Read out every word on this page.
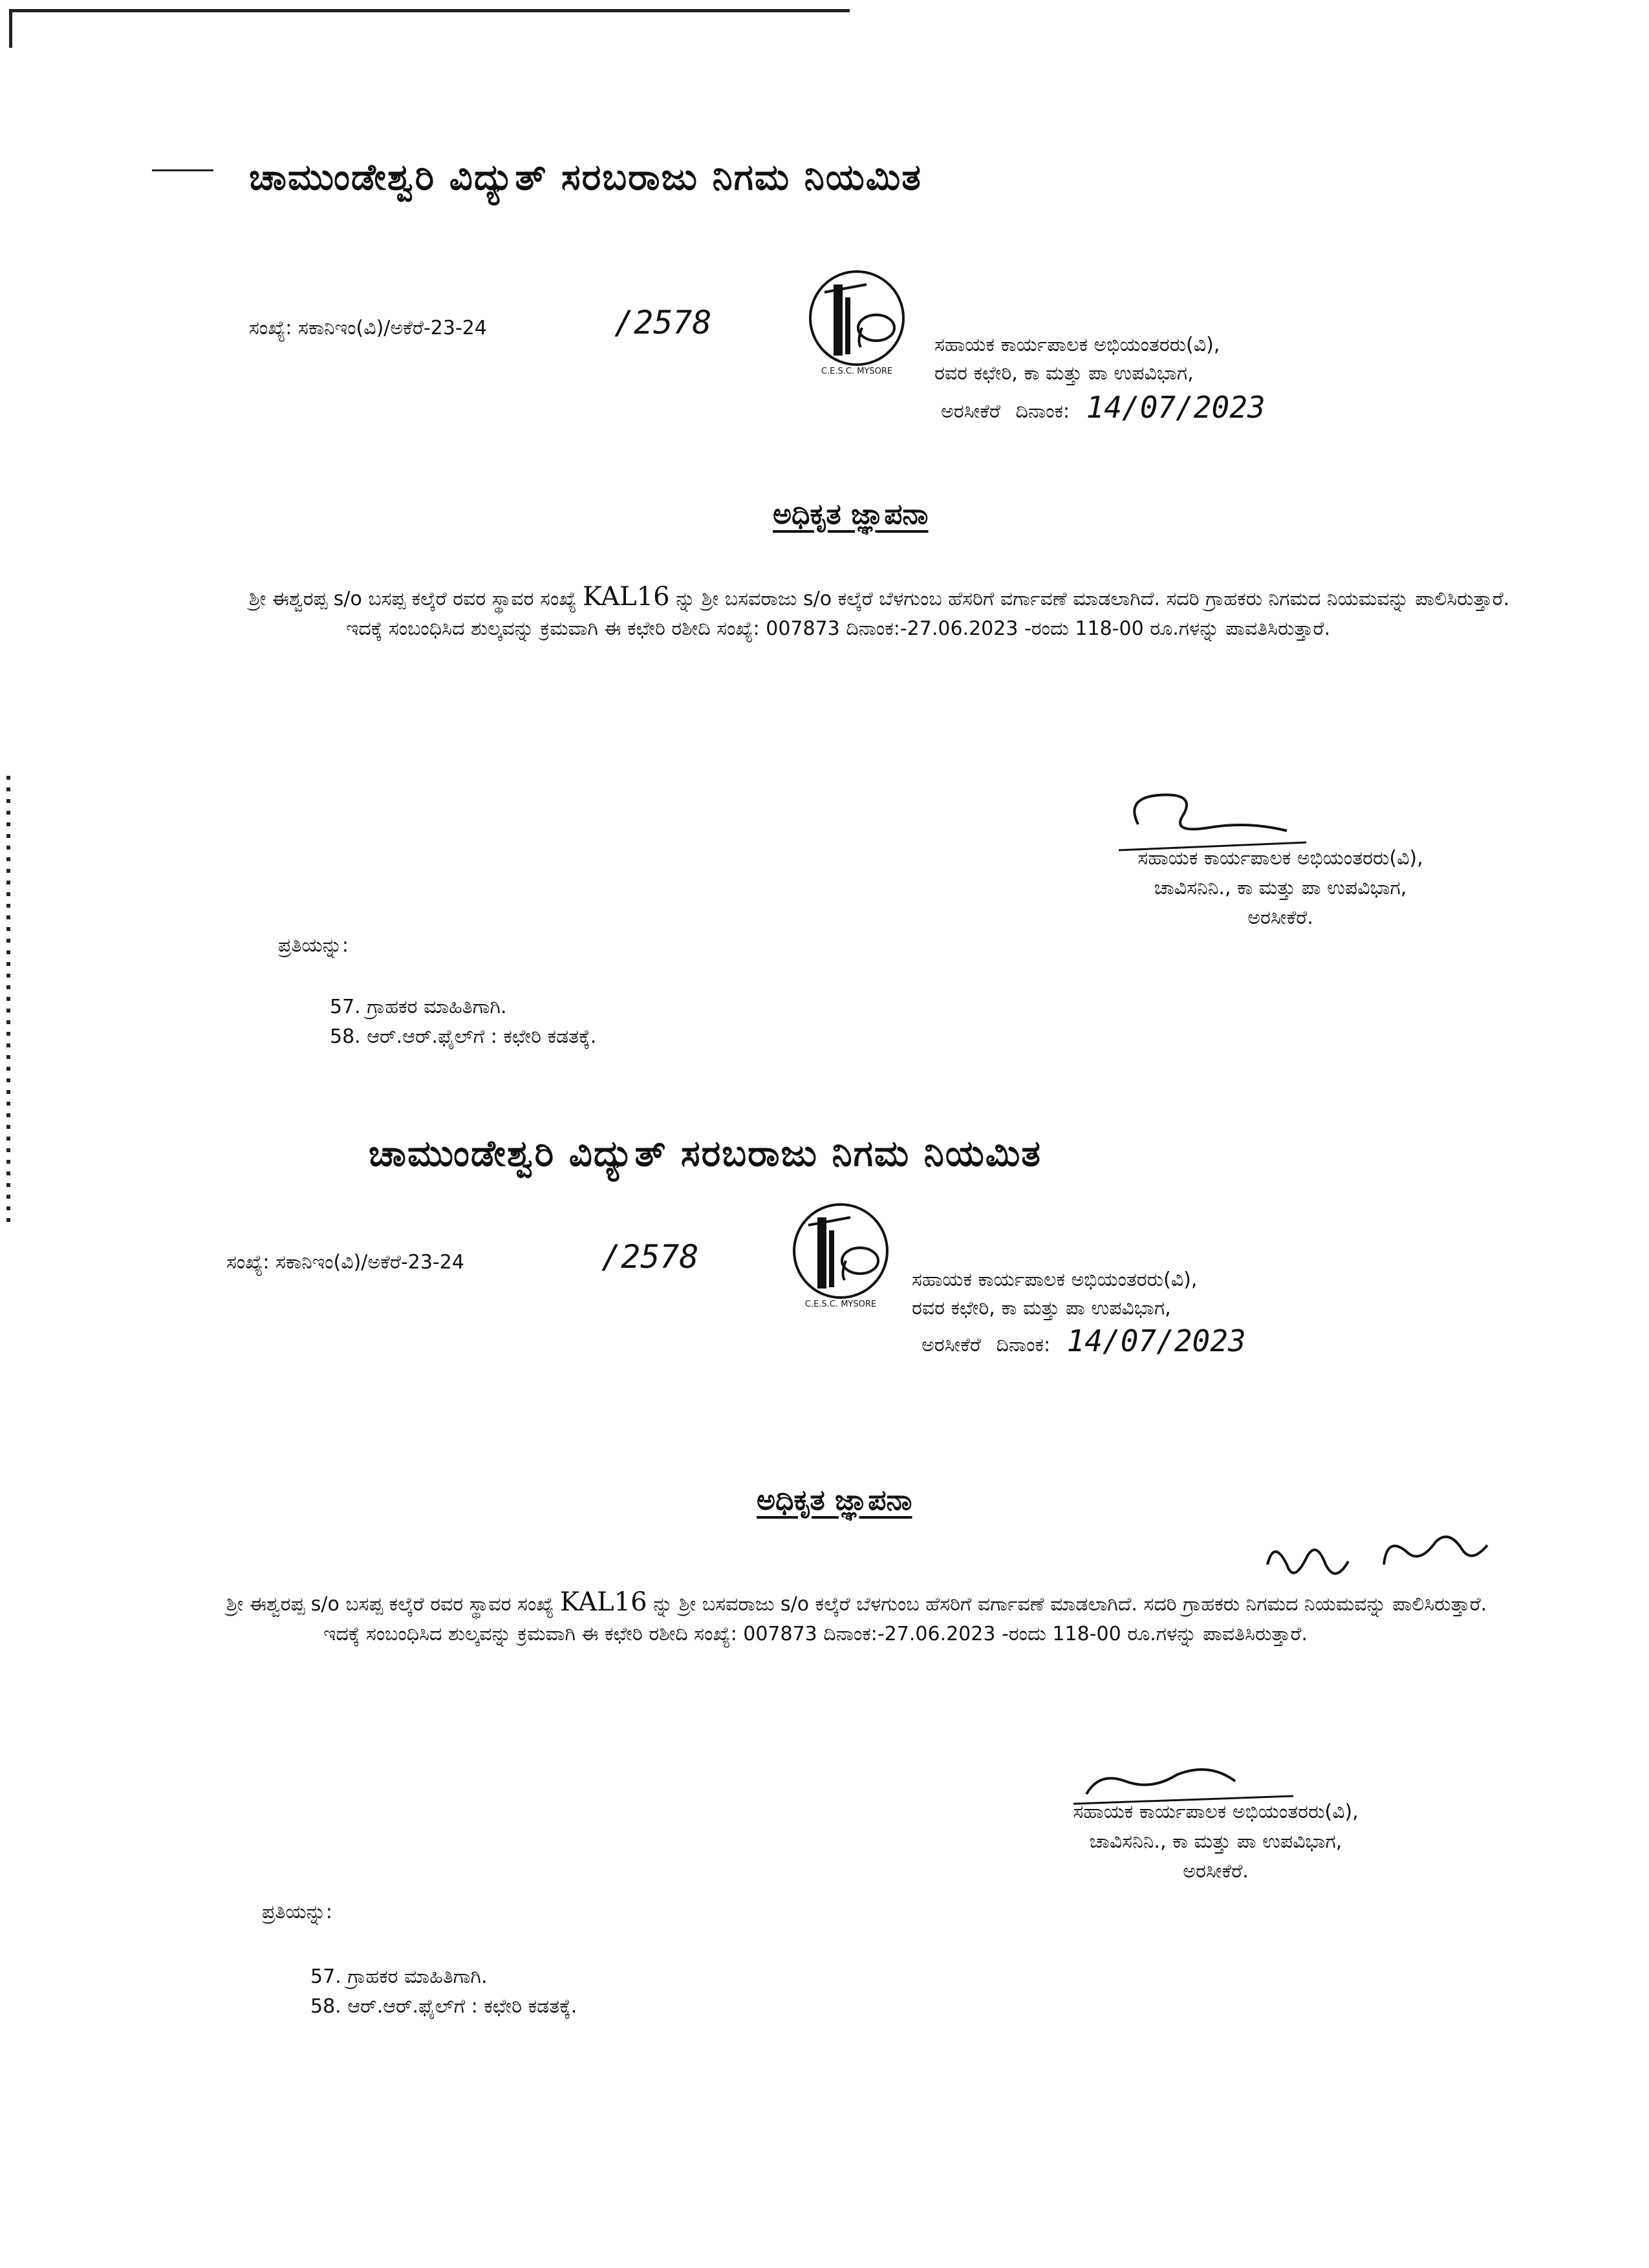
ಚಾಮುಂಡೇಶ್ವರಿ ವಿದ್ಯುತ್ ಸರಬರಾಜು ನಿಗಮ ನಿಯಮಿತ
ಸಂಖ್ಯೆ: ಸಕಾನಿಇಂ(ವಿ)/ಅಕೆರೆ-23-24	/2578
C.E.S.C. MYSORE
ಸಹಾಯಕ ಕಾರ್ಯಪಾಲಕ ಅಭಿಯಂತರರು(ವಿ),
ರವರ ಕಛೇರಿ, ಕಾ ಮತ್ತು ಪಾ ಉಪವಿಭಾಗ,
ಅರಸೀಕೆರೆ ದಿನಾಂಕ: 14/07/2023
ಅಧಿಕೃತ ಜ್ಞಾಪನಾ

ಶ್ರೀ ಈಶ್ವರಪ್ಪ s/o ಬಸಪ್ಪ ಕಲ್ಕೆರೆ ರವರ ಸ್ಥಾವರ ಸಂಖ್ಯೆ KAL16 ನ್ನು ಶ್ರೀ ಬಸವರಾಜು s/o ಕಲ್ಕೆರೆ ಬೆಳಗುಂಬ ಹೆಸರಿಗೆ ವರ್ಗಾವಣೆ ಮಾಡಲಾಗಿದೆ. ಸದರಿ ಗ್ರಾಹಕರು ನಿಗಮದ ನಿಯಮವನ್ನು ಪಾಲಿಸಿರುತ್ತಾರೆ.

ಇದಕ್ಕೆ ಸಂಬಂಧಿಸಿದ ಶುಲ್ಕವನ್ನು ಕ್ರಮವಾಗಿ ಈ ಕಛೇರಿ ರಶೀದಿ ಸಂಖ್ಯೆ: 007873 ದಿನಾಂಕ:-27.06.2023 -ರಂದು 118-00 ರೂ.ಗಳನ್ನು ಪಾವತಿಸಿರುತ್ತಾರೆ.

ಸಹಾಯಕ ಕಾರ್ಯಪಾಲಕ ಅಭಿಯಂತರರು(ವಿ),
ಚಾವಿಸನಿನಿ., ಕಾ ಮತ್ತು ಪಾ ಉಪವಿಭಾಗ,
ಅರಸೀಕೆರೆ.
ಪ್ರತಿಯನ್ನು:
57. ಗ್ರಾಹಕರ ಮಾಹಿತಿಗಾಗಿ.
58. ಆರ್.ಆರ್.ಫೈಲ್‌ಗೆ : ಕಛೇರಿ ಕಡತಕ್ಕೆ.
ಚಾಮುಂಡೇಶ್ವರಿ ವಿದ್ಯುತ್ ಸರಬರಾಜು ನಿಗಮ ನಿಯಮಿತ
ಸಂಖ್ಯೆ: ಸಕಾನಿಇಂ(ವಿ)/ಅಕೆರೆ-23-24	/2578
C.E.S.C. MYSORE
ಸಹಾಯಕ ಕಾರ್ಯಪಾಲಕ ಅಭಿಯಂತರರು(ವಿ),
ರವರ ಕಛೇರಿ, ಕಾ ಮತ್ತು ಪಾ ಉಪವಿಭಾಗ,
ಅರಸೀಕೆರೆ ದಿನಾಂಕ: 14/07/2023
ಅಧಿಕೃತ ಜ್ಞಾಪನಾ

ಶ್ರೀ ಈಶ್ವರಪ್ಪ s/o ಬಸಪ್ಪ ಕಲ್ಕೆರೆ ರವರ ಸ್ಥಾವರ ಸಂಖ್ಯೆ KAL16 ನ್ನು ಶ್ರೀ ಬಸವರಾಜು s/o ಕಲ್ಕೆರೆ ಬೆಳಗುಂಬ ಹೆಸರಿಗೆ ವರ್ಗಾವಣೆ ಮಾಡಲಾಗಿದೆ. ಸದರಿ ಗ್ರಾಹಕರು ನಿಗಮದ ನಿಯಮವನ್ನು ಪಾಲಿಸಿರುತ್ತಾರೆ.

ಇದಕ್ಕೆ ಸಂಬಂಧಿಸಿದ ಶುಲ್ಕವನ್ನು ಕ್ರಮವಾಗಿ ಈ ಕಛೇರಿ ರಶೀದಿ ಸಂಖ್ಯೆ: 007873 ದಿನಾಂಕ:-27.06.2023 -ರಂದು 118-00 ರೂ.ಗಳನ್ನು ಪಾವತಿಸಿರುತ್ತಾರೆ.

ಸಹಾಯಕ ಕಾರ್ಯಪಾಲಕ ಅಭಿಯಂತರರು(ವಿ),
ಚಾವಿಸನಿನಿ., ಕಾ ಮತ್ತು ಪಾ ಉಪವಿಭಾಗ,
ಅರಸೀಕೆರೆ.
ಪ್ರತಿಯನ್ನು:
57. ಗ್ರಾಹಕರ ಮಾಹಿತಿಗಾಗಿ.
58. ಆರ್.ಆರ್.ಫೈಲ್‌ಗೆ : ಕಛೇರಿ ಕಡತಕ್ಕೆ.
